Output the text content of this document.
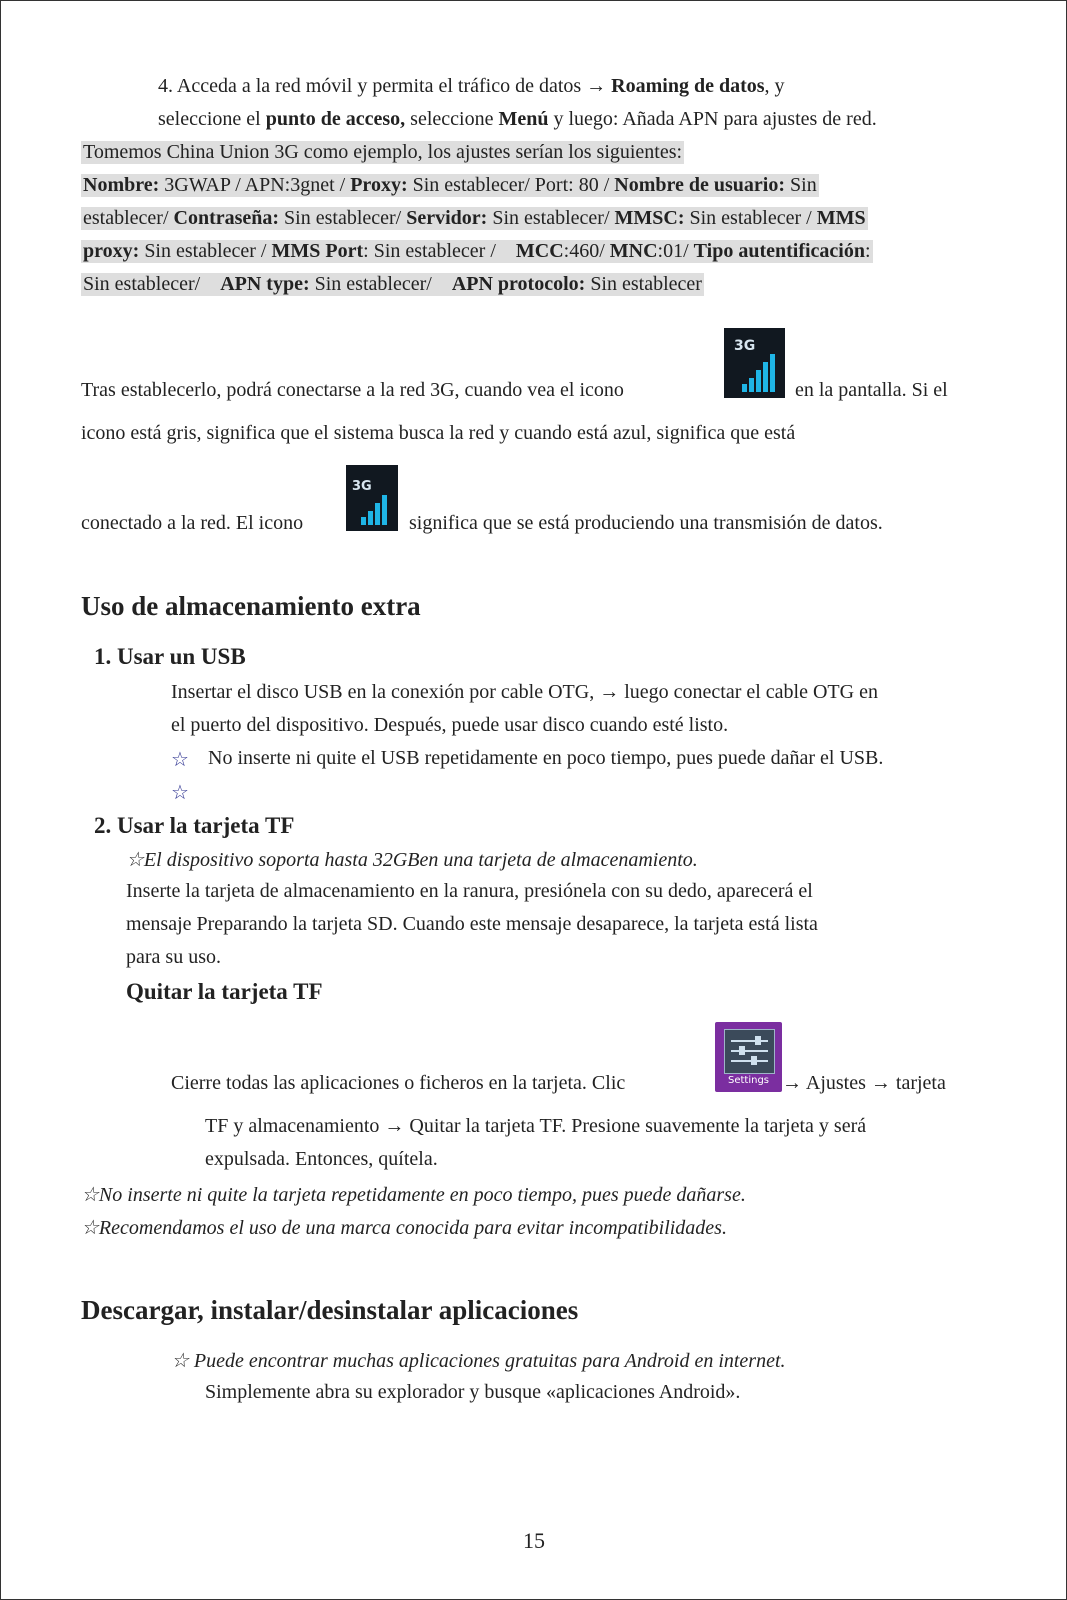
4. Acceda a la red móvil y permita el tráfico de datos → Roaming de datos, y
seleccione el punto de acceso, seleccione Menú y luego: Añada APN para ajustes de red.
Tomemos China Union 3G como ejemplo, los ajustes serían los siguientes:
Nombre: 3GWAP / APN:3gnet / Proxy: Sin establecer/ Port: 80 / Nombre de usuario: Sin
establecer/ Contraseña: Sin establecer/ Servidor: Sin establecer/ MMSC: Sin establecer / MMS
proxy: Sin establecer / MMS Port: Sin establecer /    MCC:460/ MNC:01/ Tipo autentificación:
Sin establecer/    APN type: Sin establecer/    APN protocolo: Sin establecer
Tras establecerlo, podrá conectarse a la red 3G, cuando vea el icono
3G
en la pantalla. Si el
icono está gris, significa que el sistema busca la red y cuando está azul, significa que está
conectado a la red. El icono
3G
significa que se está produciendo una transmisión de datos.
Uso de almacenamiento extra
1. Usar un USB
Insertar el disco USB en la conexión por cable OTG, → luego conectar el cable OTG en
el puerto del dispositivo. Después, puede usar disco cuando esté listo.
☆ No inserte ni quite el USB repetidamente en poco tiempo, pues puede dañar el USB.
☆
2. Usar la tarjeta TF
☆El dispositivo soporta hasta 32GBen una tarjeta de almacenamiento.
Inserte la tarjeta de almacenamiento en la ranura, presiónela con su dedo, aparecerá el
mensaje Preparando la tarjeta SD. Cuando este mensaje desaparece, la tarjeta está lista
para su uso.
Quitar la tarjeta TF
Cierre todas las aplicaciones o ficheros en la tarjeta. Clic	Settings → Ajustes → tarjeta
TF y almacenamiento → Quitar la tarjeta TF. Presione suavemente la tarjeta y será
expulsada. Entonces, quítela.
☆No inserte ni quite la tarjeta repetidamente en poco tiempo, pues puede dañarse.
☆Recomendamos el uso de una marca conocida para evitar incompatibilidades.
Descargar, instalar/desinstalar aplicaciones
☆ Puede encontrar muchas aplicaciones gratuitas para Android en internet.
Simplemente abra su explorador y busque «aplicaciones Android».
15
